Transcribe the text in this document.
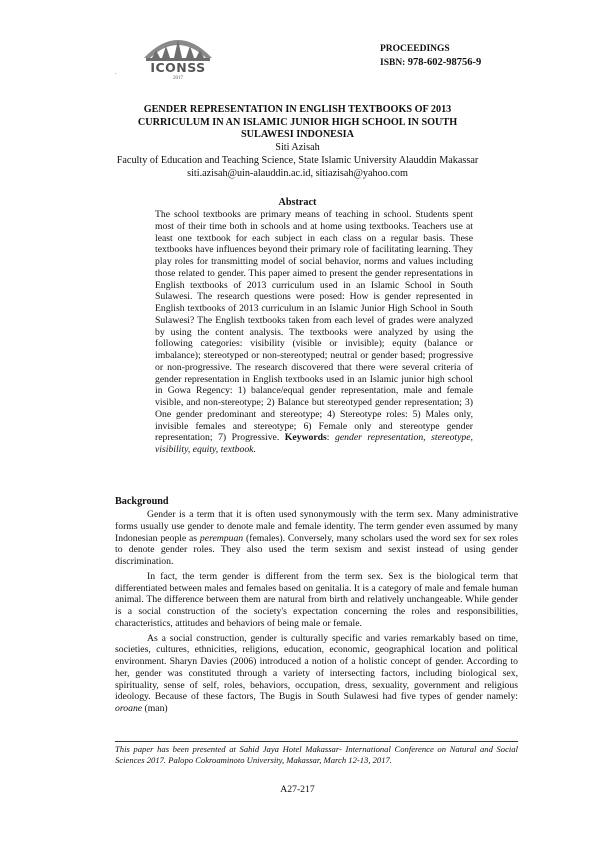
ICONSS
2017
.
PROCEEDINGS
ISBN: 978-602-98756-9
GENDER REPRESENTATION IN ENGLISH TEXTBOOKS OF 2013
CURRICULUM IN AN ISLAMIC JUNIOR HIGH SCHOOL IN SOUTH
SULAWESI INDONESIA
Siti Azisah
Faculty of Education and Teaching Science, State Islamic University Alauddin Makassar
siti.azisah@uin-alauddin.ac.id, sitiazisah@yahoo.com
Abstract
The school textbooks are primary means of teaching in school. Students spent most of their time both in schools and at home using textbooks. Teachers use at least one textbook for each subject in each class on a regular basis. These textbooks have influences beyond their primary role of facilitating learning. They play roles for transmitting model of social behavior, norms and values including those related to gender. This paper aimed to present the gender representations in English textbooks of 2013 curriculum used in an Islamic School in South Sulawesi. The research questions were posed: How is gender represented in English textbooks of 2013 curriculum in an Islamic Junior High School in South Sulawesi? The English textbooks taken from each level of grades were analyzed by using the content analysis. The textbooks were analyzed by using the following categories: visibility (visible or invisible); equity (balance or imbalance); stereotyped or non-stereotyped; neutral or gender based; progressive or non-progressive. The research discovered that there were several criteria of gender representation in English textbooks used in an Islamic junior high school in Gowa Regency: 1) balance/equal gender representation, male and female visible, and non-stereotype; 2) Balance but stereotyped gender representation; 3) One gender predominant and stereotype; 4) Stereotype roles: 5) Males only, invisible females and stereotype; 6) Female only and stereotype gender representation; 7) Progressive. Keywords: gender representation, stereotype, visibility, equity, textbook.
Background

Gender is a term that it is often used synonymously with the term sex. Many administrative forms usually use gender to denote male and female identity. The term gender even assumed by many Indonesian people as perempuan (females). Conversely, many scholars used the word sex for sex roles to denote gender roles. They also used the term sexism and sexist instead of using gender discrimination.

In fact, the term gender is different from the term sex. Sex is the biological term that differentiated between males and females based on genitalia. It is a category of male and female human animal. The difference between them are natural from birth and relatively unchangeable. While gender is a social construction of the society's expectation concerning the roles and responsibilities, characteristics, attitudes and behaviors of being male or female.

As a social construction, gender is culturally specific and varies remarkably based on time, societies, cultures, ethnicities, religions, education, economic, geographical location and political environment. Sharyn Davies (2006) introduced a notion of a holistic concept of gender. According to her, gender was constituted through a variety of intersecting factors, including biological sex, spirituality, sense of self, roles, behaviors, occupation, dress, sexuality, government and religious ideology. Because of these factors, The Bugis in South Sulawesi had five types of gender namely: oroane (man)

This paper has been presented at Sahid Jaya Hotel Makassar- International Conference on Natural and Social Sciences 2017. Palopo Cokroaminoto University, Makassar, March 12-13, 2017.
A27-217
